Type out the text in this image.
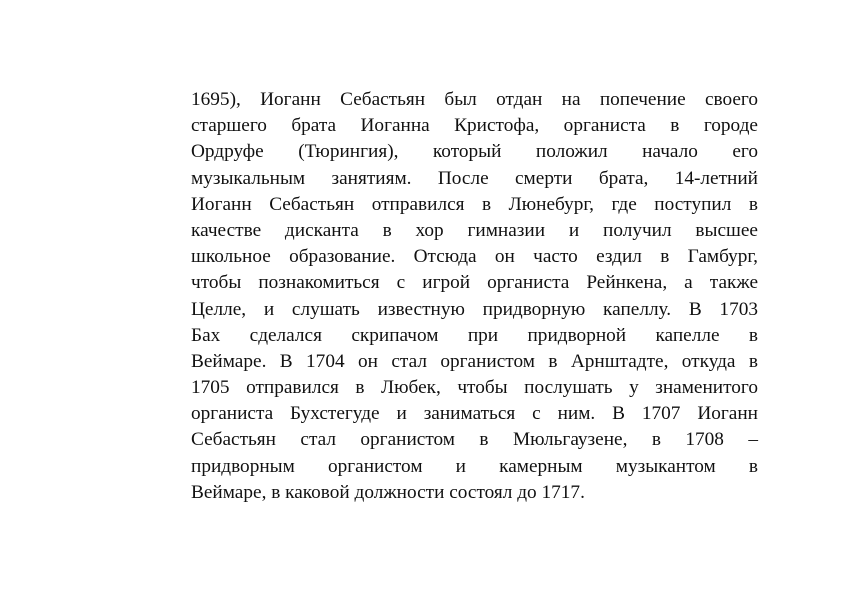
1695), Иоганн Себастьян был отдан на попечение своего
старшего брата Иоганна Кристофа, органиста в городе
Ордруфе (Тюрингия), который положил начало его
музыкальным занятиям. После смерти брата, 14-летний
Иоганн Себастьян отправился в Люнебург, где поступил в
качестве дисканта в хор гимназии и получил высшее
школьное образование. Отсюда он часто ездил в Гамбург,
чтобы познакомиться с игрой органиста Рейнкена, а также
Целле, и слушать известную придворную капеллу. В 1703
Бах сделался скрипачом при придворной капелле в
Веймаре. В 1704 он стал органистом в Арнштадте, откуда в
1705 отправился в Любек, чтобы послушать у знаменитого
органиста Бухстегуде и заниматься с ним. В 1707 Иоганн
Себастьян стал органистом в Мюльгаузене, в 1708 –
придворным органистом и камерным музыкантом в
Веймаре, в каковой должности состоял до 1717.
